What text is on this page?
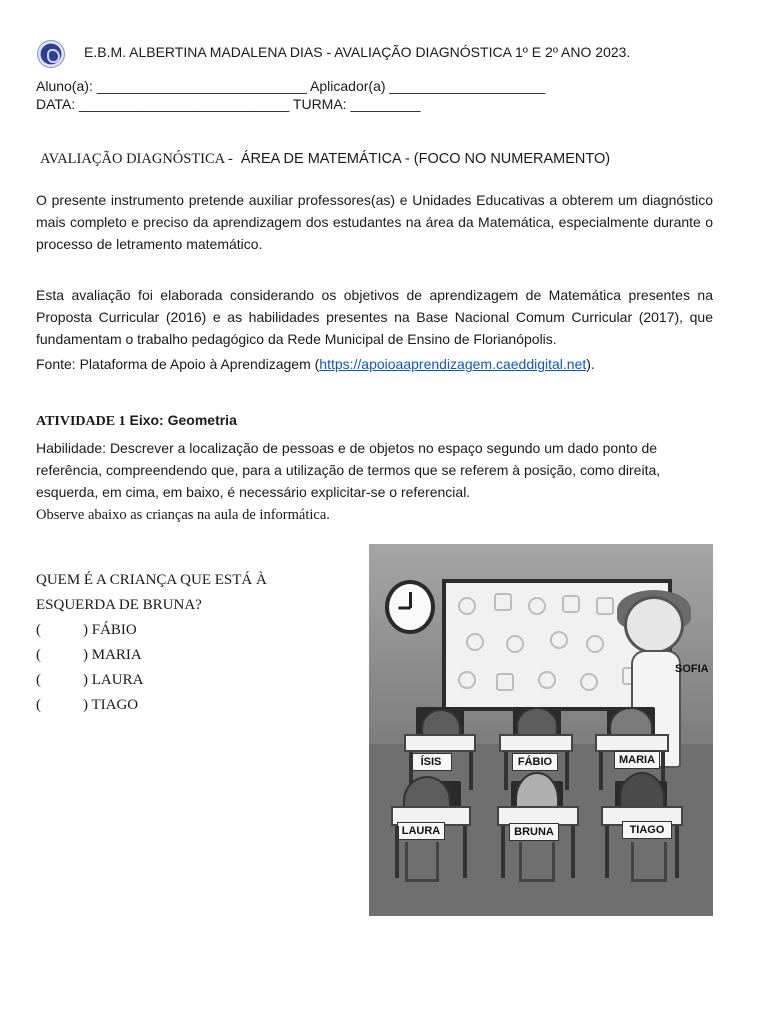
E.B.M. ALBERTINA MADALENA DIAS - AVALIAÇÃO DIAGNÓSTICA 1º E 2º ANO 2023.
Aluno(a): ___________________________ Aplicador(a) ____________________
DATA: ___________________________ TURMA: _________
AVALIAÇÃO DIAGNÓSTICA - ÁREA DE MATEMÁTICA - (FOCO NO NUMERAMENTO)
O presente instrumento pretende auxiliar professores(as) e Unidades Educativas a obterem um diagnóstico mais completo e preciso da aprendizagem dos estudantes na área da Matemática, especialmente durante o processo de letramento matemático.
Esta avaliação foi elaborada considerando os objetivos de aprendizagem de Matemática presentes na Proposta Curricular (2016) e as habilidades presentes na Base Nacional Comum Curricular (2017), que fundamentam o trabalho pedagógico da Rede Municipal de Ensino de Florianópolis.
Fonte: Plataforma de Apoio à Aprendizagem (https://apoioaaprendizagem.caeddigital.net).
ATIVIDADE 1 Eixo: Geometria
Habilidade: Descrever a localização de pessoas e de objetos no espaço segundo um dado ponto de referência, compreendendo que, para a utilização de termos que se referem à posição, como direita, esquerda, em cima, em baixo, é necessário explicitar-se o referencial.
Observe abaixo as crianças na aula de informática.
QUEM É A CRIANÇA QUE ESTÁ À
ESQUERDA DE BRUNA?
(	) FÁBIO
(	) MARIA
(	) LAURA
(	) TIAGO
SOFIA
ÍSIS	FÁBIO	MARIA
LAURA	BRUNA	TIAGO
